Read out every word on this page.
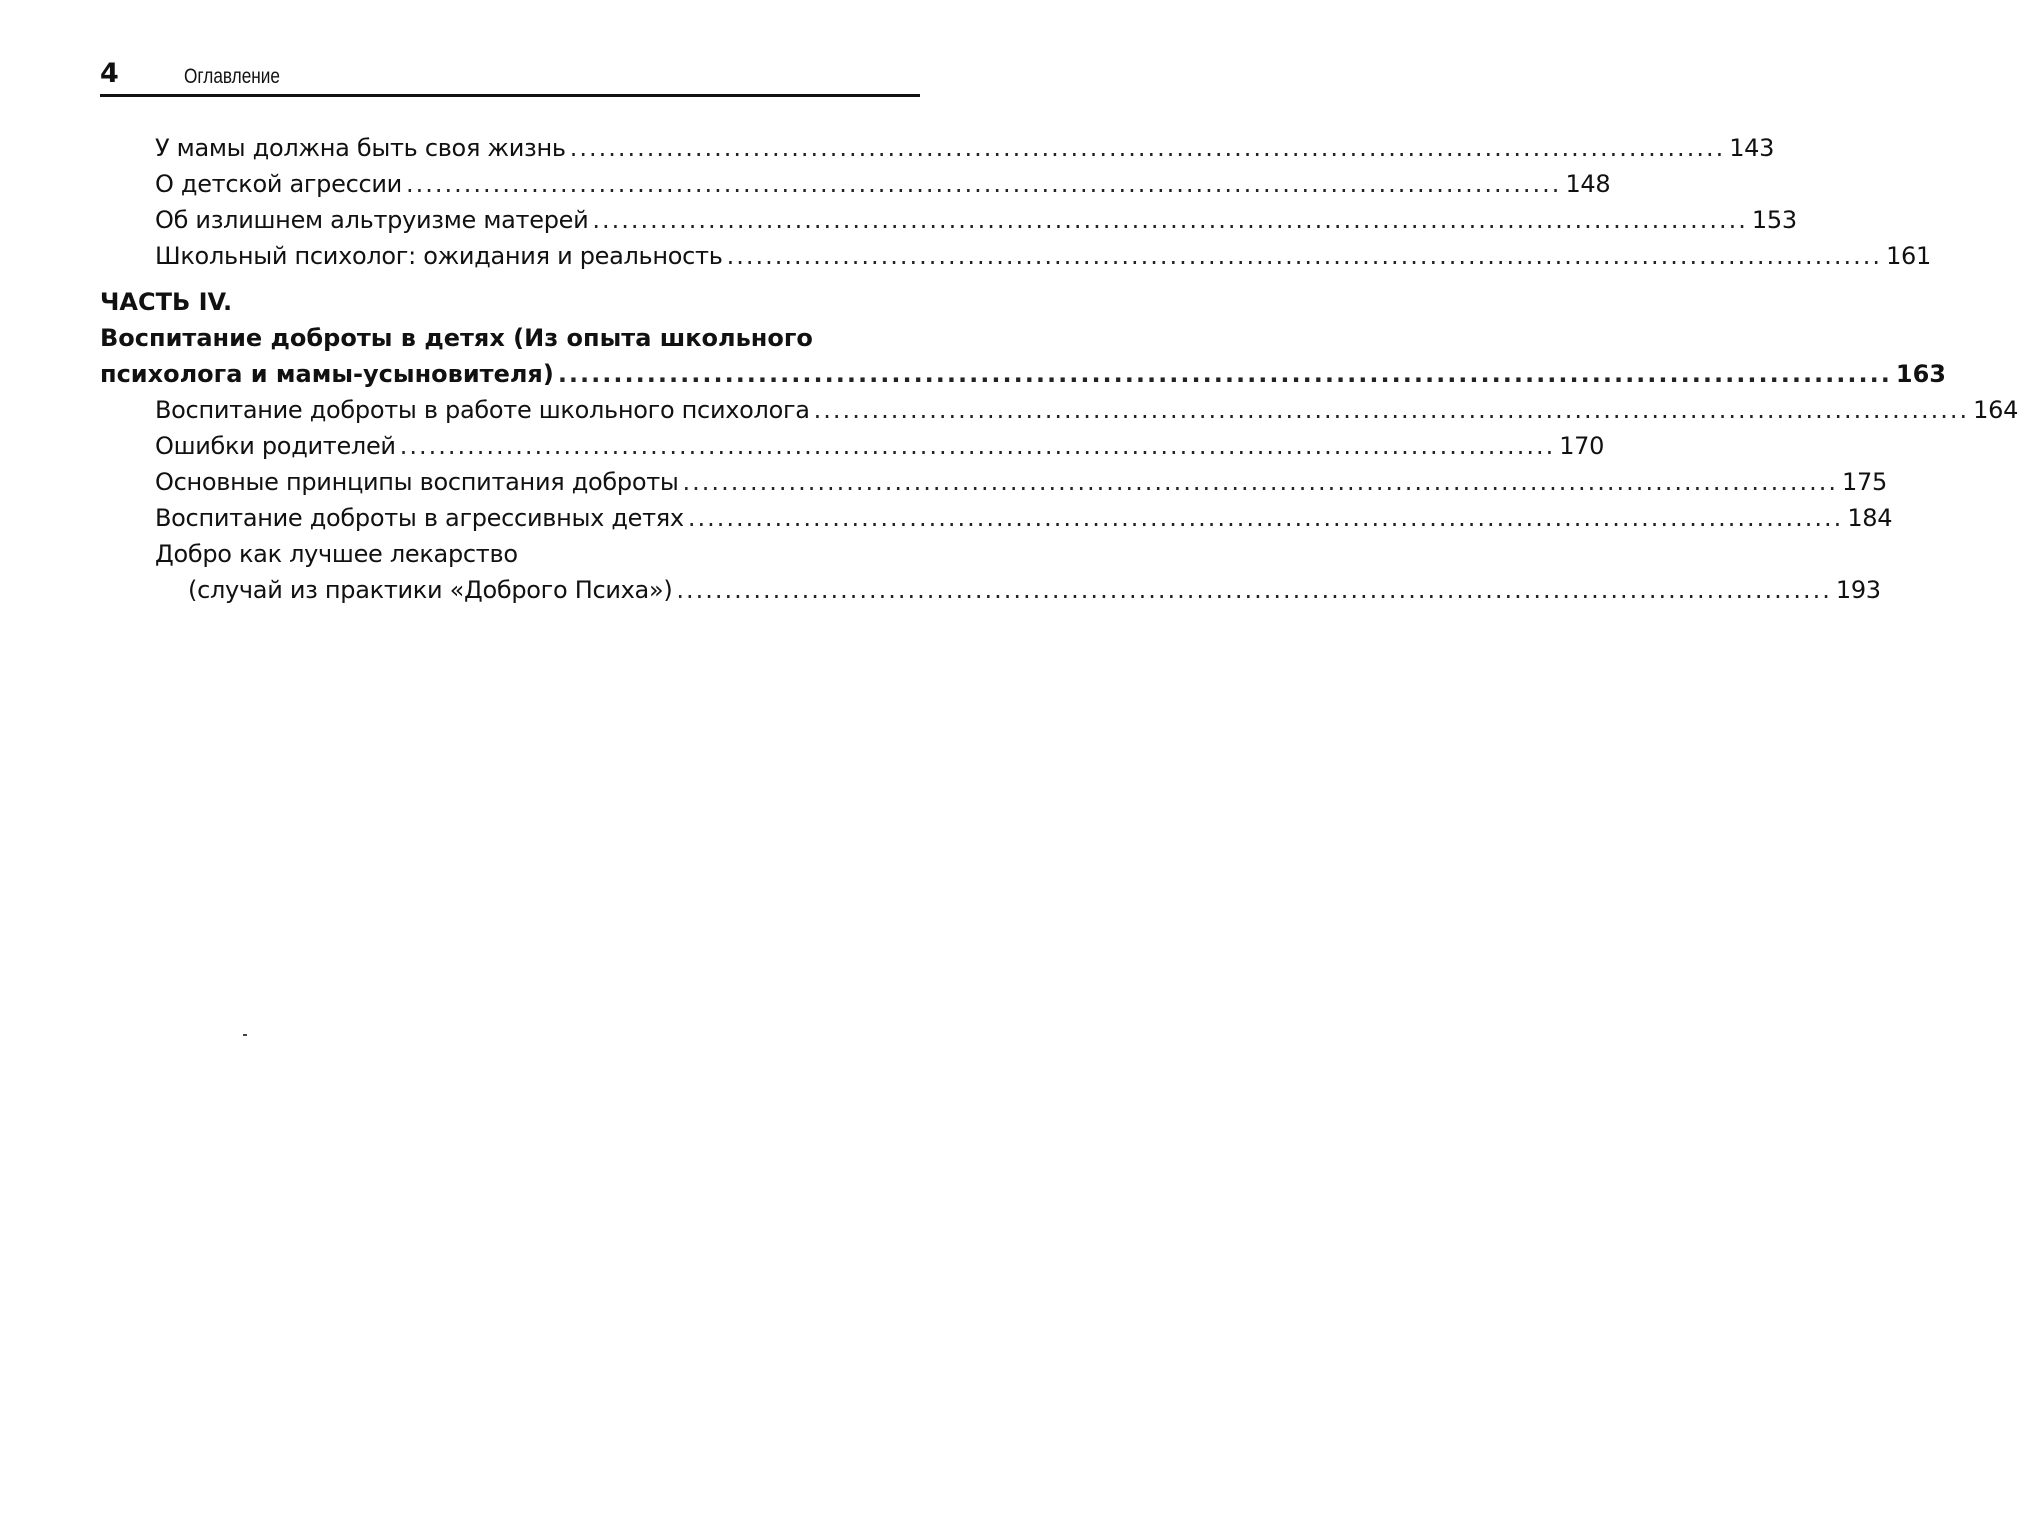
4	Оглавление
У мамы должна быть своя жизнь ........................................................................................................................ 143
О детской агрессии ........................................................................................................................ 148
Об излишнем альтруизме матерей ........................................................................................................................ 153
Школьный психолог: ожидания и реальность ........................................................................................................................ 161
ЧАСТЬ IV.
Воспитание доброты в детях (Из опыта школьного
психолога и мамы-усыновителя) ........................................................................................................................ 163
Воспитание доброты в работе школьного психолога ........................................................................................................................ 164
Ошибки родителей ........................................................................................................................ 170
Основные принципы воспитания доброты ........................................................................................................................ 175
Воспитание доброты в агрессивных детях ........................................................................................................................ 184
Добро как лучшее лекарство
(случай из практики «Доброго Психа») ........................................................................................................................ 193
